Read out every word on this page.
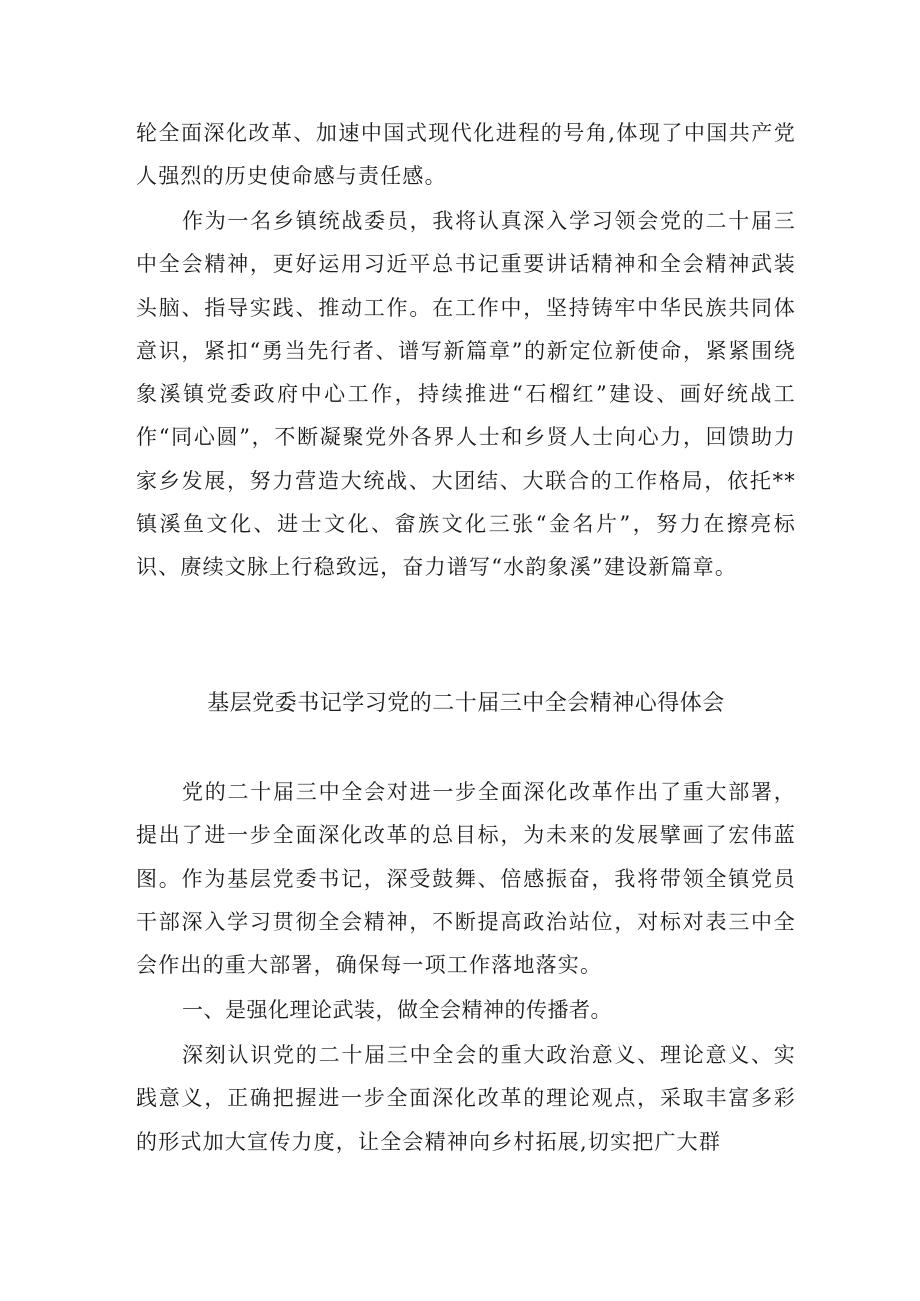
轮全面深化改革、加速中国式现代化进程的号角,体现了中国共产党人强烈的历史使命感与责任感。

作为一名乡镇统战委员，我将认真深入学习领会党的二十届三中全会精神，更好运用习近平总书记重要讲话精神和全会精神武装头脑、指导实践、推动工作。在工作中，坚持铸牢中华民族共同体意识，紧扣“勇当先行者、谱写新篇章”的新定位新使命，紧紧围绕象溪镇党委政府中心工作，持续推进“石榴红”建设、画好统战工作“同心圆”，不断凝聚党外各界人士和乡贤人士向心力，回馈助力家乡发展，努力营造大统战、大团结、大联合的工作格局，依托**镇溪鱼文化、进士文化、畲族文化三张“金名片”，努力在擦亮标识、赓续文脉上行稳致远，奋力谱写“水韵象溪”建设新篇章。

基层党委书记学习党的二十届三中全会精神心得体会

党的二十届三中全会对进一步全面深化改革作出了重大部署，提出了进一步全面深化改革的总目标，为未来的发展擘画了宏伟蓝图。作为基层党委书记，深受鼓舞、倍感振奋，我将带领全镇党员干部深入学习贯彻全会精神，不断提高政治站位，对标对表三中全会作出的重大部署，确保每一项工作落地落实。

一、是强化理论武装，做全会精神的传播者。

深刻认识党的二十届三中全会的重大政治意义、理论意义、实践意义，正确把握进一步全面深化改革的理论观点，采取丰富多彩的形式加大宣传力度，让全会精神向乡村拓展,切实把广大群
